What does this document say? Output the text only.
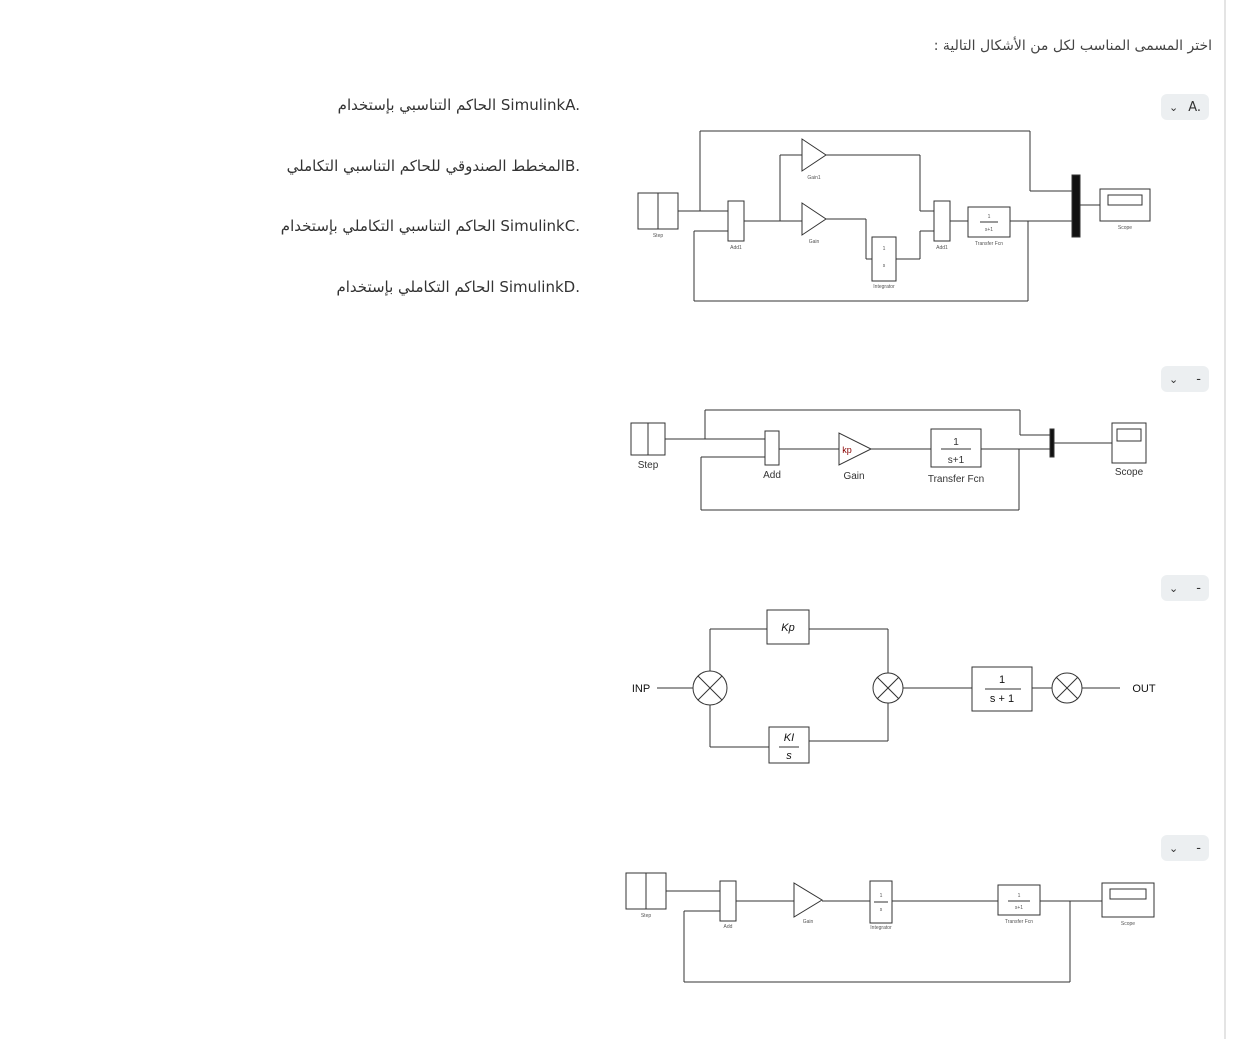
اختر المسمى المناسب لكل من الأشكال التالية :
⌄ A.
⌄ -
⌄ -
⌄ -
الحاكم التناسبي بإستخدام SimulinkA.
المخطط الصندوقي للحاكم التناسبي التكامليB.
الحاكم التناسبي التكاملي بإستخدام SimulinkC.
الحاكم التكاملي بإستخدام SimulinkD.
Step
Add1
Gain1
Gain
1
s
Integrator
Add1
1
s+1
Transfer Fcn
Scope
Step
Add
kp
Gain
1
s+1
Transfer Fcn
Scope
INP	OUT
Kp
KI
s
1
s + 1
Step
Add
Gain
1
s
Integrator
1
s+1
Transfer Fcn	Scope
